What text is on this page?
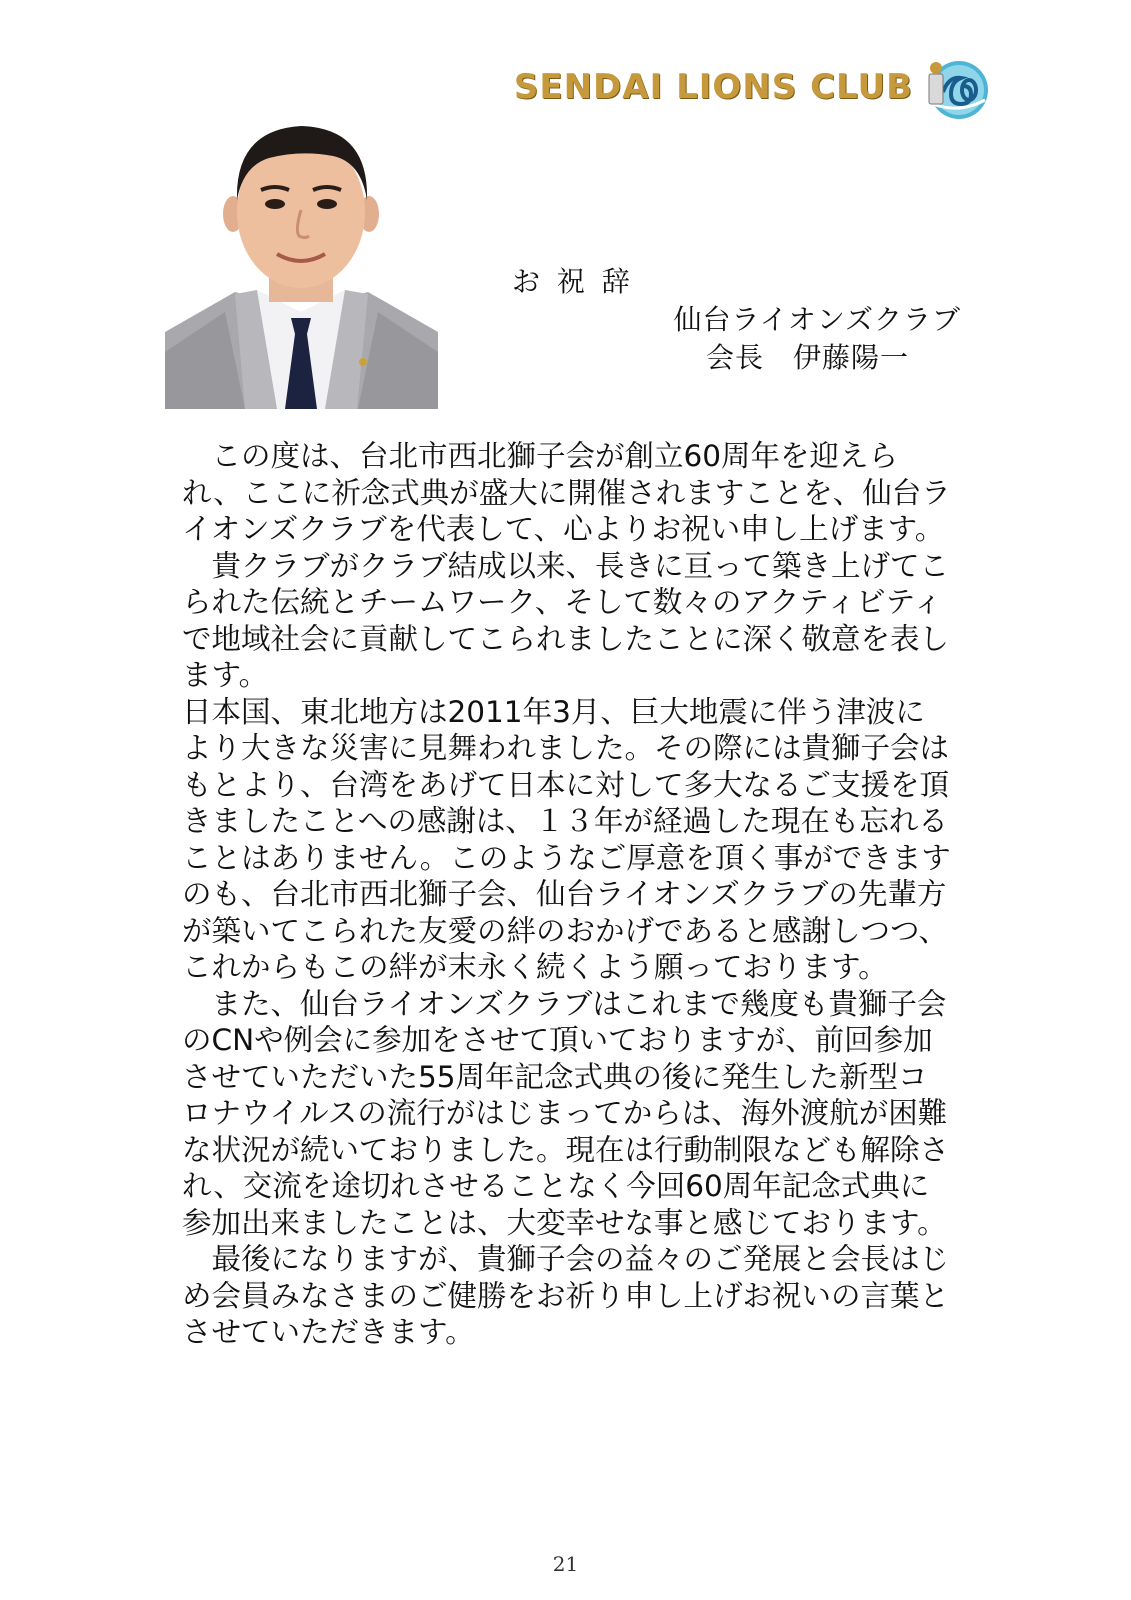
SENDAI LIONS CLUB
お 祝 辞
仙台ライオンズクラブ
会長　伊藤陽一

この度は、台北市西北獅子会が創立60周年を迎えられ、ここに祈念式典が盛大に開催されますことを、仙台ライオンズクラブを代表して、心よりお祝い申し上げます。

貴クラブがクラブ結成以来、長きに亘って築き上げてこられた伝統とチームワーク、そして数々のアクティビティで地域社会に貢献してこられましたことに深く敬意を表します。

日本国、東北地方は2011年3月、巨大地震に伴う津波により大きな災害に見舞われました。その際には貴獅子会はもとより、台湾をあげて日本に対して多大なるご支援を頂きましたことへの感謝は、１３年が経過した現在も忘れることはありません。このようなご厚意を頂く事ができますのも、台北市西北獅子会、仙台ライオンズクラブの先輩方が築いてこられた友愛の絆のおかげであると感謝しつつ、これからもこの絆が末永く続くよう願っております。

また、仙台ライオンズクラブはこれまで幾度も貴獅子会のCNや例会に参加をさせて頂いておりますが、前回参加させていただいた55周年記念式典の後に発生した新型コロナウイルスの流行がはじまってからは、海外渡航が困難な状況が続いておりました。現在は行動制限なども解除され、交流を途切れさせることなく今回60周年記念式典に参加出来ましたことは、大変幸せな事と感じております。

最後になりますが、貴獅子会の益々のご発展と会長はじめ会員みなさまのご健勝をお祈り申し上げお祝いの言葉とさせていただきます。

21
